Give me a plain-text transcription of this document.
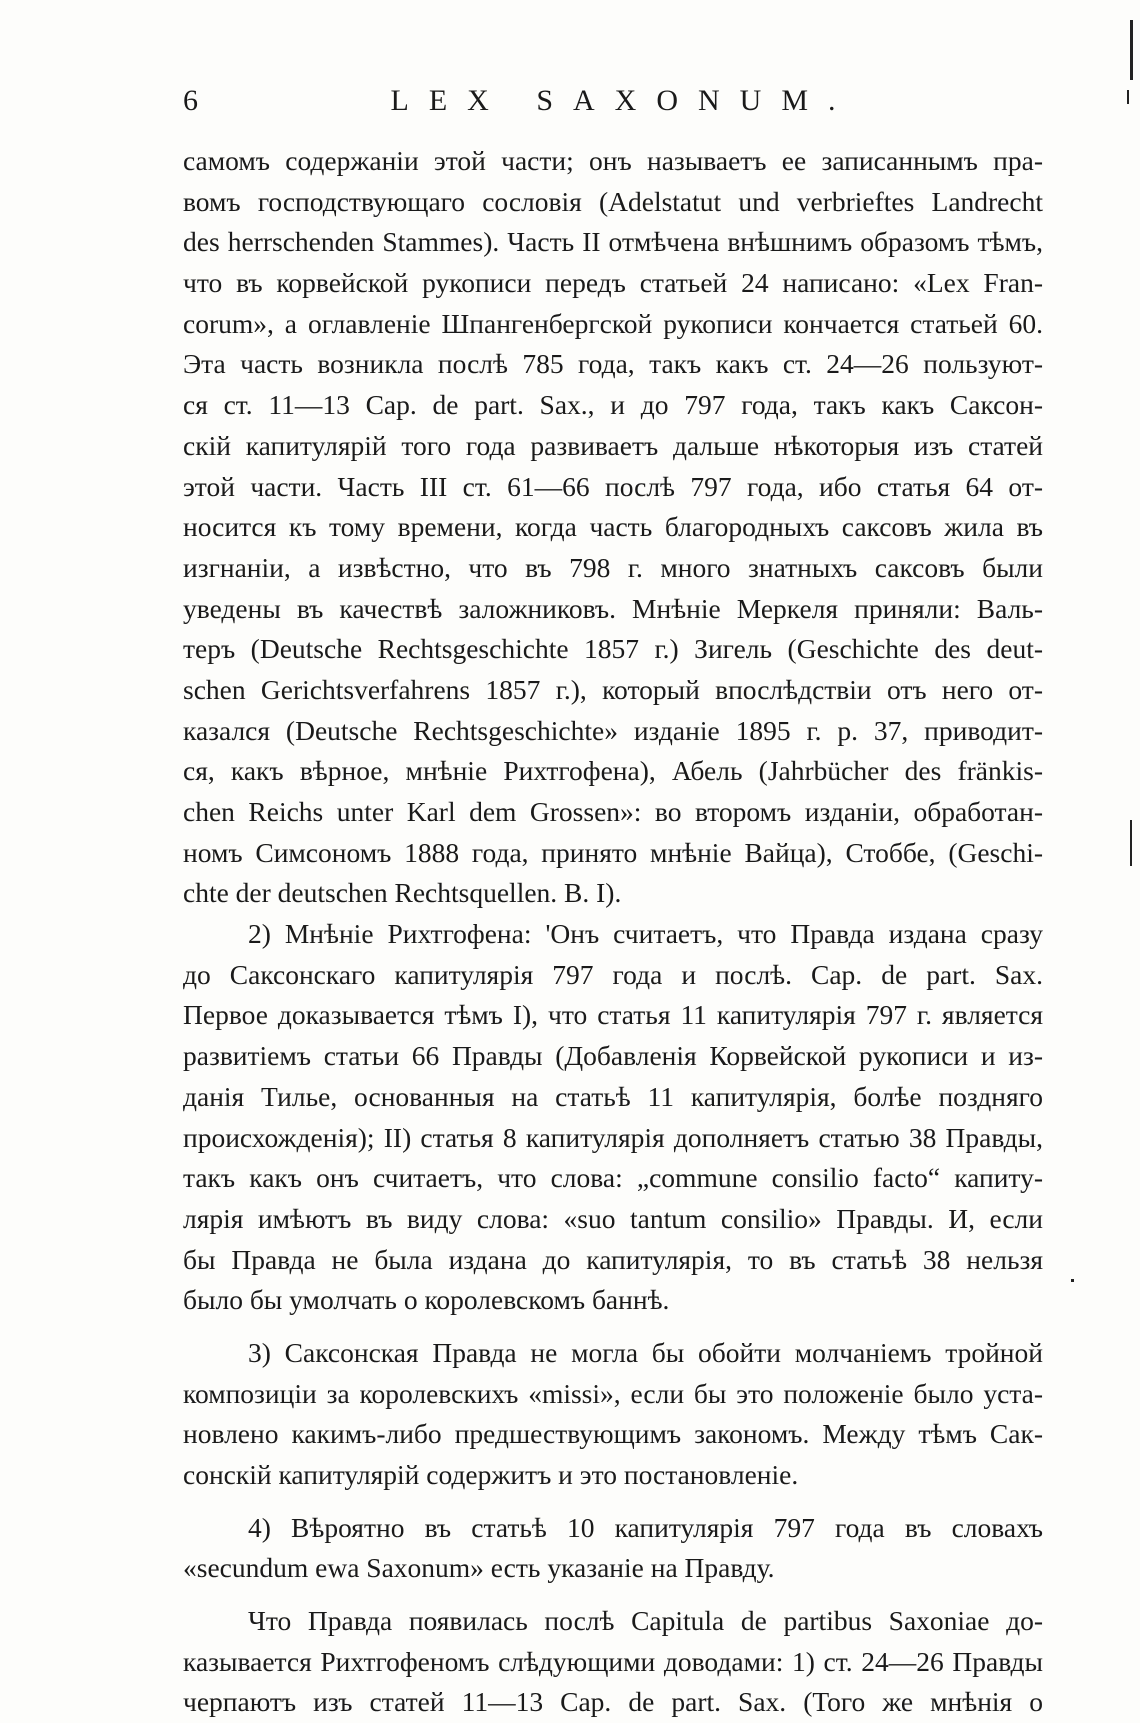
6	LEX SAXONUM.
самомъ содержаніи этой части; онъ называетъ ее записаннымъ пра-
вомъ господствующаго сословія (Adelstatut und verbrieftes Landrecht
des herrschenden Stammes). Часть II отмѣчена внѣшнимъ образомъ тѣмъ,
что въ корвейской рукописи передъ статьей 24 написано: «Lex Fran-
corum», а оглавленіе Шпангенбергской рукописи кончается статьей 60.
Эта часть возникла послѣ 785 года, такъ какъ ст. 24—26 пользуют-
ся ст. 11—13 Cap. de part. Sax., и до 797 года, такъ какъ Саксон-
скій капитулярій того года развиваетъ дальше нѣкоторыя изъ статей
этой части. Часть III ст. 61—66 послѣ 797 года, ибо статья 64 от-
носится къ тому времени, когда часть благородныхъ саксовъ жила въ
изгнаніи, а извѣстно, что въ 798 г. много знатныхъ саксовъ были
уведены въ качествѣ заложниковъ. Мнѣніе Меркеля приняли: Валь-
теръ (Deutsche Rechtsgeschichte 1857 г.) Зигель (Geschichte des deut-
schen Gerichtsverfahrens 1857 г.), который впослѣдствіи отъ него от-
казался (Deutsche Rechtsgeschichte» изданіе 1895 г. p. 37, приводит-
ся, какъ вѣрное, мнѣніе Рихтгофена), Абель (Jahrbücher des fränkis-
chen Reichs unter Karl dem Grossen»: во второмъ изданіи, обработан-
номъ Симсономъ 1888 года, принято мнѣніе Вайца), Стоббе, (Geschi-
chte der deutschen Rechtsquellen. B. I).
2) Мнѣніе Рихтгофена: 'Онъ считаетъ, что Правда издана сразу
до Саксонскаго капитулярія 797 года и послѣ. Cap. de part. Sax.
Первое доказывается тѣмъ I), что статья 11 капитулярія 797 г. является
развитіемъ статьи 66 Правды (Добавленія Корвейской рукописи и из-
данія Тилье, основанныя на статьѣ 11 капитулярія, болѣе поздняго
происхожденія); II) статья 8 капитулярія дополняетъ статью 38 Правды,
такъ какъ онъ считаетъ, что слова: „commune consilio facto“ капиту-
лярія имѣютъ въ виду слова: «suo tantum consilio» Правды. И, если
бы Правда не была издана до капитулярія, то въ статьѣ 38 нельзя
было бы умолчать о королевскомъ баннѣ.
3) Саксонская Правда не могла бы обойти молчаніемъ тройной
композиціи за королевскихъ «missi», если бы это положеніе было уста-
новлено какимъ-либо предшествующимъ закономъ. Между тѣмъ Сак-
сонскій капитулярій содержитъ и это постановленіе.
4) Вѣроятно въ статьѣ 10 капитулярія 797 года въ словахъ
«secundum ewa Saxonum» есть указаніе на Правду.
Что Правда появилась послѣ Capitula de partibus Saxoniae до-
казывается Рихтгофеномъ слѣдующими доводами: 1) ст. 24—26 Правды
черпаютъ изъ статей 11—13 Cap. de part. Sax. (Того же мнѣнія о
